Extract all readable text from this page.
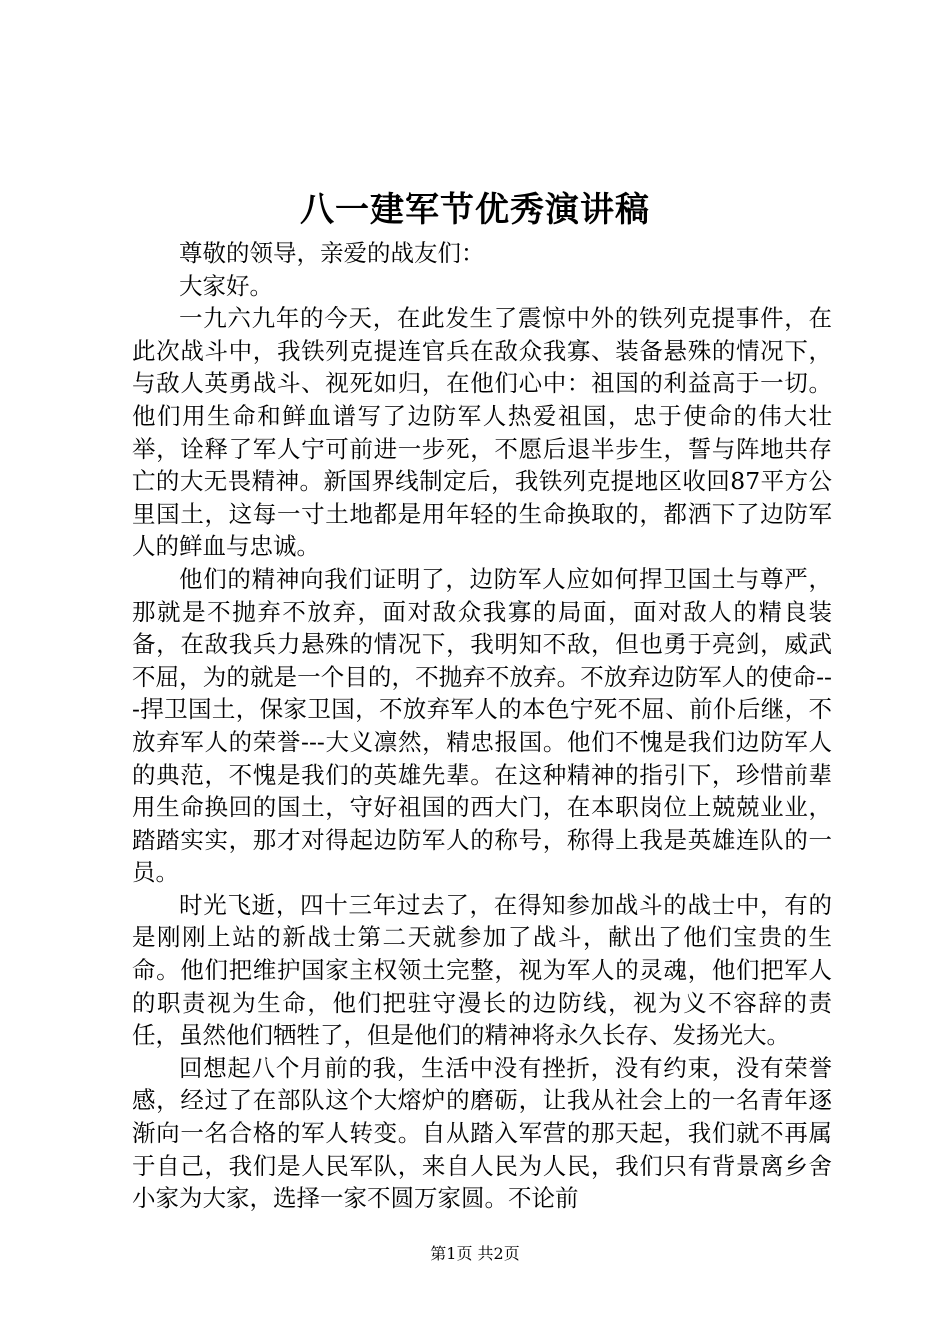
八一建军节优秀演讲稿

尊敬的领导，亲爱的战友们：

大家好。

一九六九年的今天，在此发生了震惊中外的铁列克提事件，在此次战斗中，我铁列克提连官兵在敌众我寡、装备悬殊的情况下，与敌人英勇战斗、视死如归，在他们心中：祖国的利益高于一切。他们用生命和鲜血谱写了边防军人热爱祖国，忠于使命的伟大壮举，诠释了军人宁可前进一步死，不愿后退半步生，誓与阵地共存亡的大无畏精神。新国界线制定后，我铁列克提地区收回87平方公里国土，这每一寸土地都是用年轻的生命换取的，都洒下了边防军人的鲜血与忠诚。

他们的精神向我们证明了，边防军人应如何捍卫国土与尊严，那就是不抛弃不放弃，面对敌众我寡的局面，面对敌人的精良装备，在敌我兵力悬殊的情况下，我明知不敌，但也勇于亮剑，威武不屈，为的就是一个目的，不抛弃不放弃。不放弃边防军人的使命---捍卫国土，保家卫国，不放弃军人的本色宁死不屈、前仆后继，不放弃军人的荣誉---大义凛然，精忠报国。他们不愧是我们边防军人的典范，不愧是我们的英雄先辈。在这种精神的指引下，珍惜前辈用生命换回的国土，守好祖国的西大门，在本职岗位上兢兢业业，踏踏实实，那才对得起边防军人的称号，称得上我是英雄连队的一员。

时光飞逝，四十三年过去了，在得知参加战斗的战士中，有的是刚刚上站的新战士第二天就参加了战斗，献出了他们宝贵的生命。他们把维护国家主权领土完整，视为军人的灵魂，他们把军人的职责视为生命，他们把驻守漫长的边防线，视为义不容辞的责任，虽然他们牺牲了，但是他们的精神将永久长存、发扬光大。

回想起八个月前的我，生活中没有挫折，没有约束，没有荣誉感，经过了在部队这个大熔炉的磨砺，让我从社会上的一名青年逐渐向一名合格的军人转变。自从踏入军营的那天起，我们就不再属于自己，我们是人民军队，来自人民为人民，我们只有背景离乡舍小家为大家，选择一家不圆万家圆。不论前

第1页 共2页
